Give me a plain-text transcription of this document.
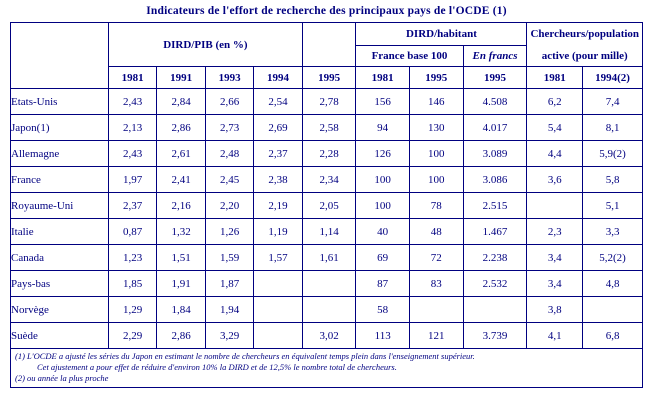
Indicateurs de l'effort de recherche des principaux pays de l'OCDE (1)
	DIRD/PIB (en %)					DIRD/habitant			Chercheurs/population	
						France base 100		En francs	active (pour mille)	
	1981	1991	1993	1994	1995	1981	1995	1995	1981	1994(2)
Etats-Unis	2,43	2,84	2,66	2,54	2,78	156	146	4.508	6,2	7,4
Japon(1)	2,13	2,86	2,73	2,69	2,58	94	130	4.017	5,4	8,1
Allemagne	2,43	2,61	2,48	2,37	2,28	126	100	3.089	4,4	5,9(2)
France	1,97	2,41	2,45	2,38	2,34	100	100	3.086	3,6	5,8
Royaume-Uni	2,37	2,16	2,20	2,19	2,05	100	78	2.515		5,1
Italie	0,87	1,32	1,26	1,19	1,14	40	48	1.467	2,3	3,3
Canada	1,23	1,51	1,59	1,57	1,61	69	72	2.238	3,4	5,2(2)
Pays-bas	1,85	1,91	1,87			87	83	2.532	3,4	4,8
Norvège	1,29	1,84	1,94			58			3,8	
Suède	2,29	2,86	3,29		3,02	113	121	3.739	4,1	6,8
(1) L'OCDE a ajusté les séries du Japon en estimant le nombre de chercheurs en équivalent temps plein dans l'enseignement supérieur.
Cet ajustement a pour effet de réduire d'environ 10% la DIRD et de 12,5% le nombre total de chercheurs.
(2) ou année la plus proche
